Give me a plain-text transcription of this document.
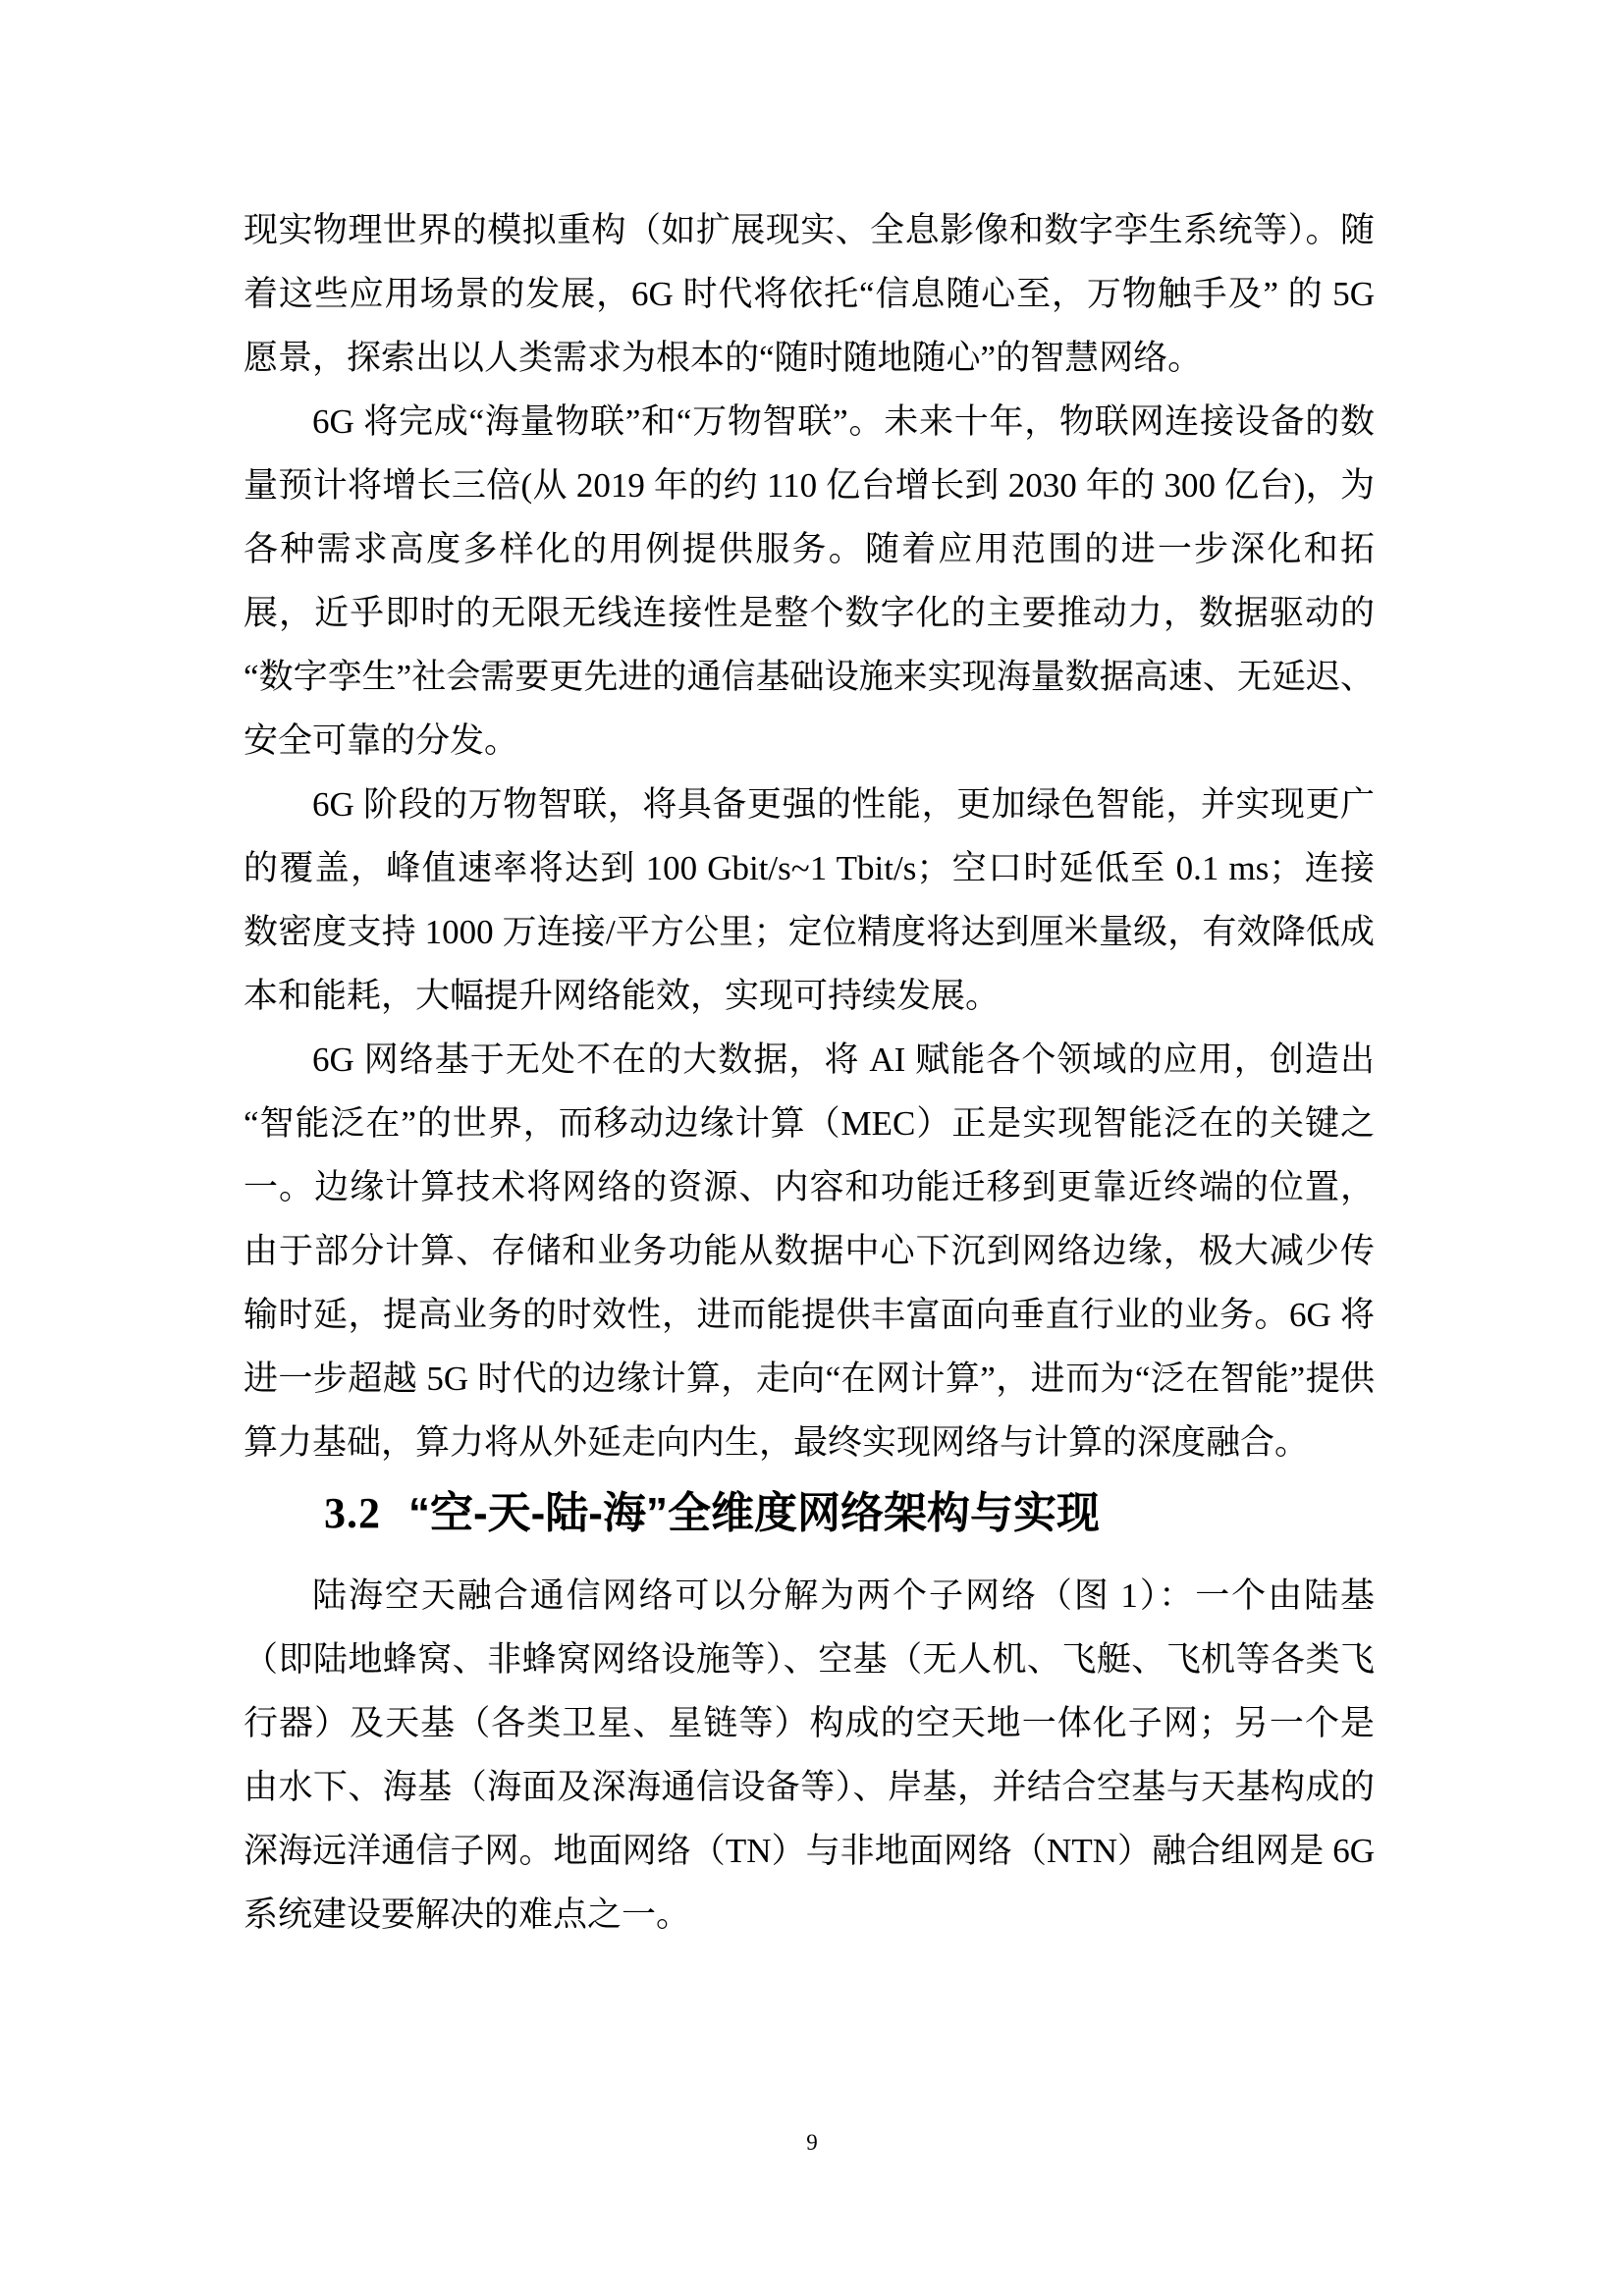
现实物理世界的模拟重构（如扩展现实、全息影像和数字孪生系统等）。随着这些应用场景的发展，6G 时代将依托“信息随心至，万物触手及” 的 5G 愿景，探索出以人类需求为根本的“随时随地随心”的智慧网络。

6G 将完成“海量物联”和“万物智联”。未来十年，物联网连接设备的数量预计将增长三倍(从 2019 年的约 110 亿台增长到 2030 年的 300 亿台)，为各种需求高度多样化的用例提供服务。随着应用范围的进一步深化和拓展，近乎即时的无限无线连接性是整个数字化的主要推动力，数据驱动的“数字孪生”社会需要更先进的通信基础设施来实现海量数据高速、无延迟、安全可靠的分发。

6G 阶段的万物智联，将具备更强的性能，更加绿色智能，并实现更广的覆盖，峰值速率将达到 100 Gbit/s~1 Tbit/s；空口时延低至 0.1 ms；连接数密度支持 1000 万连接/平方公里；定位精度将达到厘米量级，有效降低成本和能耗，大幅提升网络能效，实现可持续发展。

6G 网络基于无处不在的大数据，将 AI 赋能各个领域的应用，创造出“智能泛在”的世界，而移动边缘计算（MEC）正是实现智能泛在的关键之一。边缘计算技术将网络的资源、内容和功能迁移到更靠近终端的位置，由于部分计算、存储和业务功能从数据中心下沉到网络边缘，极大减少传输时延，提高业务的时效性，进而能提供丰富面向垂直行业的业务。6G 将进一步超越 5G 时代的边缘计算，走向“在网计算”，进而为“泛在智能”提供算力基础，算力将从外延走向内生，最终实现网络与计算的深度融合。

3.2 “空-天-陆-海”全维度网络架构与实现

陆海空天融合通信网络可以分解为两个子网络（图 1）：一个由陆基（即陆地蜂窝、非蜂窝网络设施等）、空基（无人机、飞艇、飞机等各类飞行器）及天基（各类卫星、星链等）构成的空天地一体化子网；另一个是由水下、海基（海面及深海通信设备等）、岸基，并结合空基与天基构成的深海远洋通信子网。地面网络（TN）与非地面网络（NTN）融合组网是 6G 系统建设要解决的难点之一。

9
